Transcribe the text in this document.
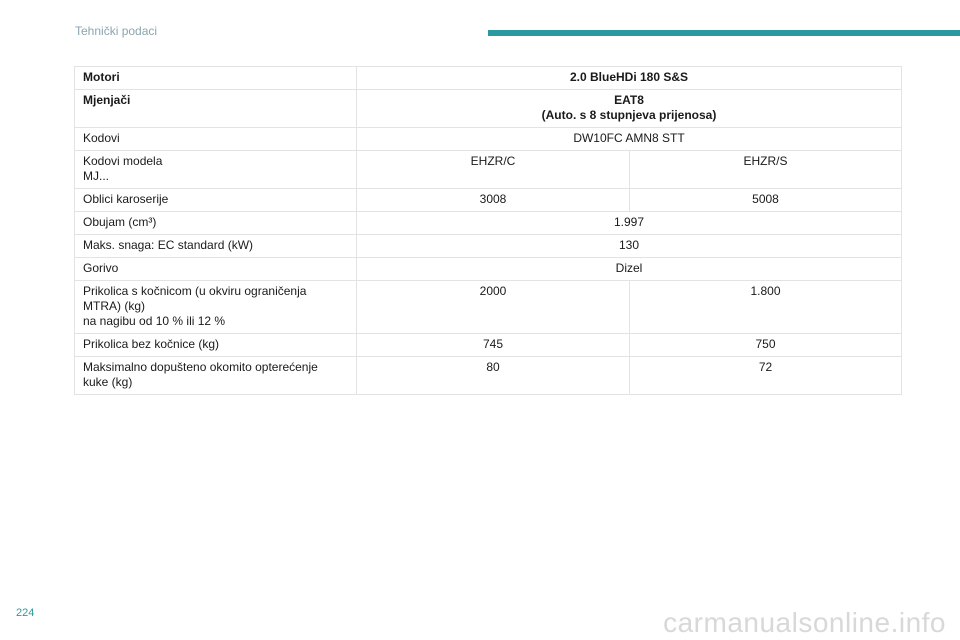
Tehnički podaci
Motori	2.0 BlueHDi 180 S&S	
Mjenjači	EAT8
(Auto. s 8 stupnjeva prijenosa)	
Kodovi	DW10FC AMN8 STT	
Kodovi modela
MJ...	EHZR/C	EHZR/S
Oblici karoserije	3008	5008
Obujam (cm³)	1.997	
Maks. snaga: EC standard (kW)	130	
Gorivo	Dizel	
Prikolica s kočnicom (u okviru ograničenja
MTRA) (kg)
na nagibu od 10 % ili 12 %	2000	1.800
Prikolica bez kočnice (kg)	745	750
Maksimalno dopušteno okomito opterećenje
kuke (kg)	80	72
224	carmanualsonline.info
